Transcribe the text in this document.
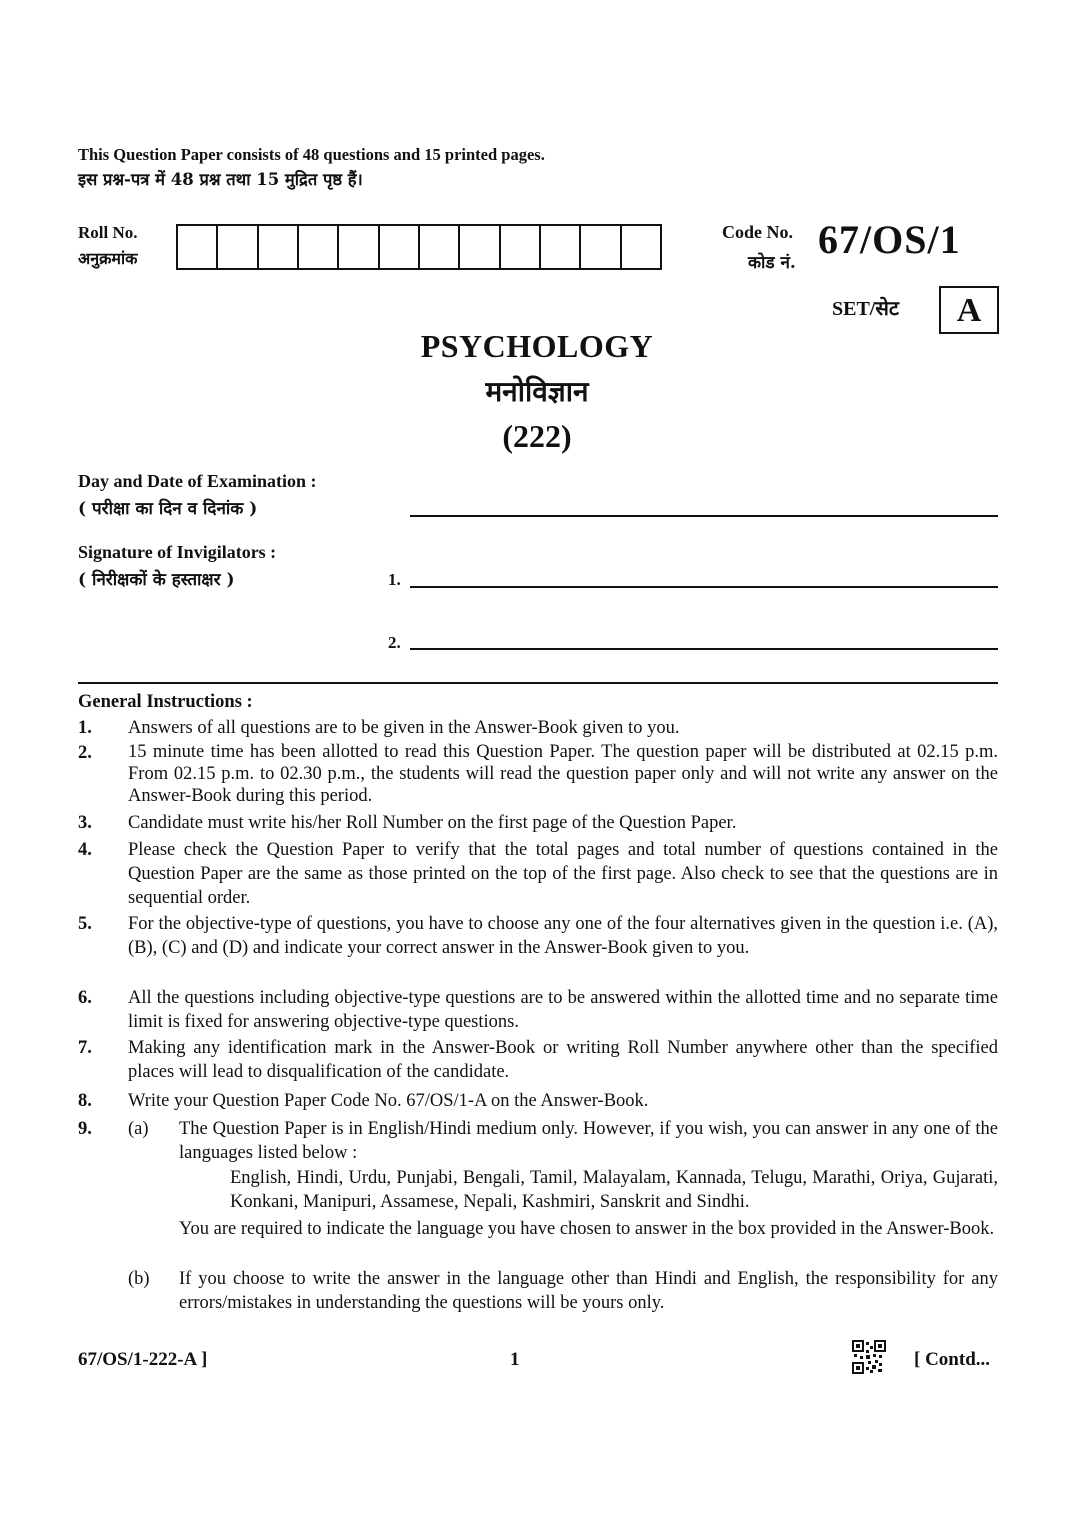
This Question Paper consists of 48 questions and 15 printed pages.
इस प्रश्न-पत्र में 48 प्रश्न तथा 15 मुद्रित पृष्ठ हैं।
Roll No.
अनुक्रमांक
Code No.
कोड नं.
67/OS/1
SET/सेट	A
PSYCHOLOGY
मनोविज्ञान
(222)
Day and Date of Examination :
( परीक्षा का दिन व दिनांक )
Signature of Invigilators :
( निरीक्षकों के हस्ताक्षर )	1.
2.
General Instructions :
1. Answers of all questions are to be given in the Answer-Book given to you.
2. 15 minute time has been allotted to read this Question Paper. The question paper will be distributed at 02.15 p.m. From 02.15 p.m. to 02.30 p.m., the students will read the question paper only and will not write any answer on the Answer-Book during this period.
3. Candidate must write his/her Roll Number on the first page of the Question Paper.
4. Please check the Question Paper to verify that the total pages and total number of questions contained in the Question Paper are the same as those printed on the top of the first page. Also check to see that the questions are in sequential order.
5. For the objective-type of questions, you have to choose any one of the four alternatives given in the question i.e. (A), (B), (C) and (D) and indicate your correct answer in the Answer-Book given to you.
6. All the questions including objective-type questions are to be answered within the allotted time and no separate time limit is fixed for answering objective-type questions.
7. Making any identification mark in the Answer-Book or writing Roll Number anywhere other than the specified places will lead to disqualification of the candidate.
8. Write your Question Paper Code No. 67/OS/1-A on the Answer-Book.
9. (a) The Question Paper is in English/Hindi medium only. However, if you wish, you can answer in any one of the languages listed below :
English, Hindi, Urdu, Punjabi, Bengali, Tamil, Malayalam, Kannada, Telugu, Marathi, Oriya, Gujarati, Konkani, Manipuri, Assamese, Nepali, Kashmiri, Sanskrit and Sindhi.
You are required to indicate the language you have chosen to answer in the box provided in the Answer-Book.
(b) If you choose to write the answer in the language other than Hindi and English, the responsibility for any errors/mistakes in understanding the questions will be yours only.
67/OS/1-222-A ]	1	[ Contd...
